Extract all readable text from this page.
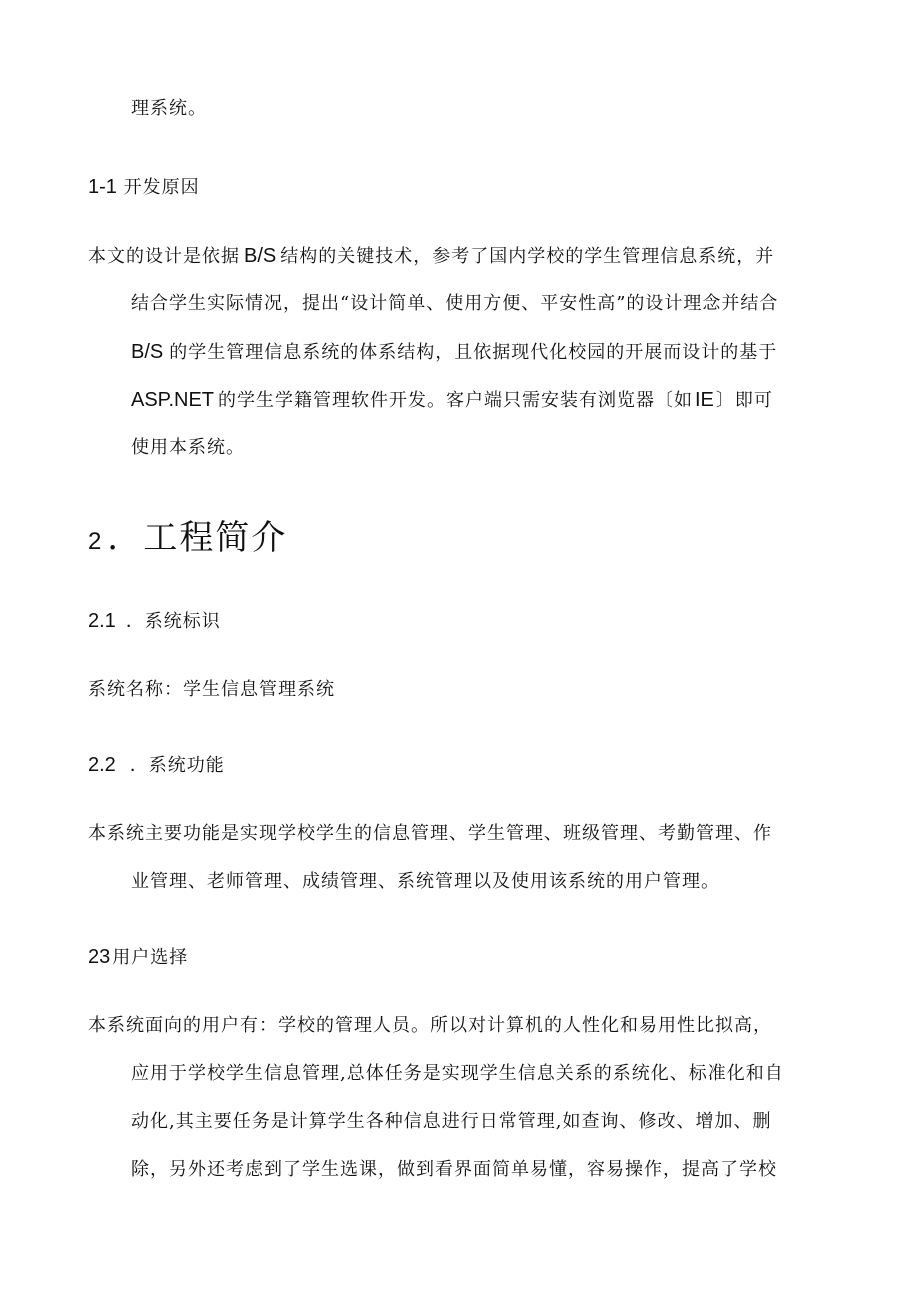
理系统。
1-1 开发原因
本文的设计是依据 B/S 结构的关键技术，参考了国内学校的学生管理信息系统，并
结合学生实际情况，提出“设计简单、使用方便、平安性高”的设计理念并结合
B/S 的学生管理信息系统的体系结构，且依据现代化校园的开展而设计的基于
ASP.NET 的学生学籍管理软件开发。客户端只需安装有浏览器〔如 IE 〕即可
使用本系统。
2 ．工程简介
2.1 ．系统标识
系统名称：学生信息管理系统
2.2 ．系统功能
本系统主要功能是实现学校学生的信息管理、学生管理、班级管理、考勤管理、作
业管理、老师管理、成绩管理、系统管理以及使用该系统的用户管理。
23 用户选择
本系统面向的用户有：学校的管理人员。所以对计算机的人性化和易用性比拟高，
应用于学校学生信息管理,总体任务是实现学生信息关系的系统化、标准化和自
动化,其主要任务是计算学生各种信息进行日常管理,如查询、修改、增加、删
除，另外还考虑到了学生选课，做到看界面简单易懂，容易操作，提高了学校
